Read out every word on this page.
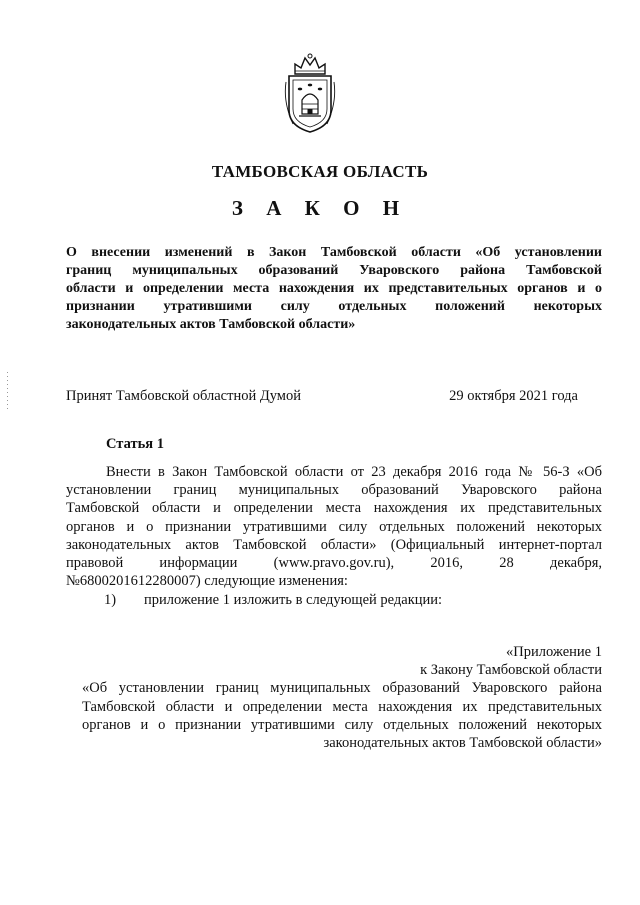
ТАМБОВСКАЯ ОБЛАСТЬ
З А К О Н
О внесении изменений в Закон Тамбовской области «Об установлении
границ муниципальных образований Уваровского района Тамбовской
области и определении места нахождения их представительных органов и о
признании утратившими силу отдельных положений некоторых
законодательных актов Тамбовской области»
Принят Тамбовской областной Думой	29 октября 2021 года
Статья 1
Внести в Закон Тамбовской области от 23 декабря 2016 года № 56-З «Об
установлении границ муниципальных образований Уваровского района
Тамбовской области и определении места нахождения их представительных
органов и о признании утратившими силу отдельных положений некоторых
законодательных актов Тамбовской области» (Официальный интернет-портал
правовой информации (www.pravo.gov.ru), 2016, 28 декабря,
№6800201612280007) следующие изменения:
1) приложение 1 изложить в следующей редакции:
«Приложение 1
к Закону Тамбовской области
«Об установлении границ муниципальных образований Уваровского района
Тамбовской области и определении места нахождения их представительных
органов и о признании утратившими силу отдельных положений некоторых
законодательных актов Тамбовской области»
